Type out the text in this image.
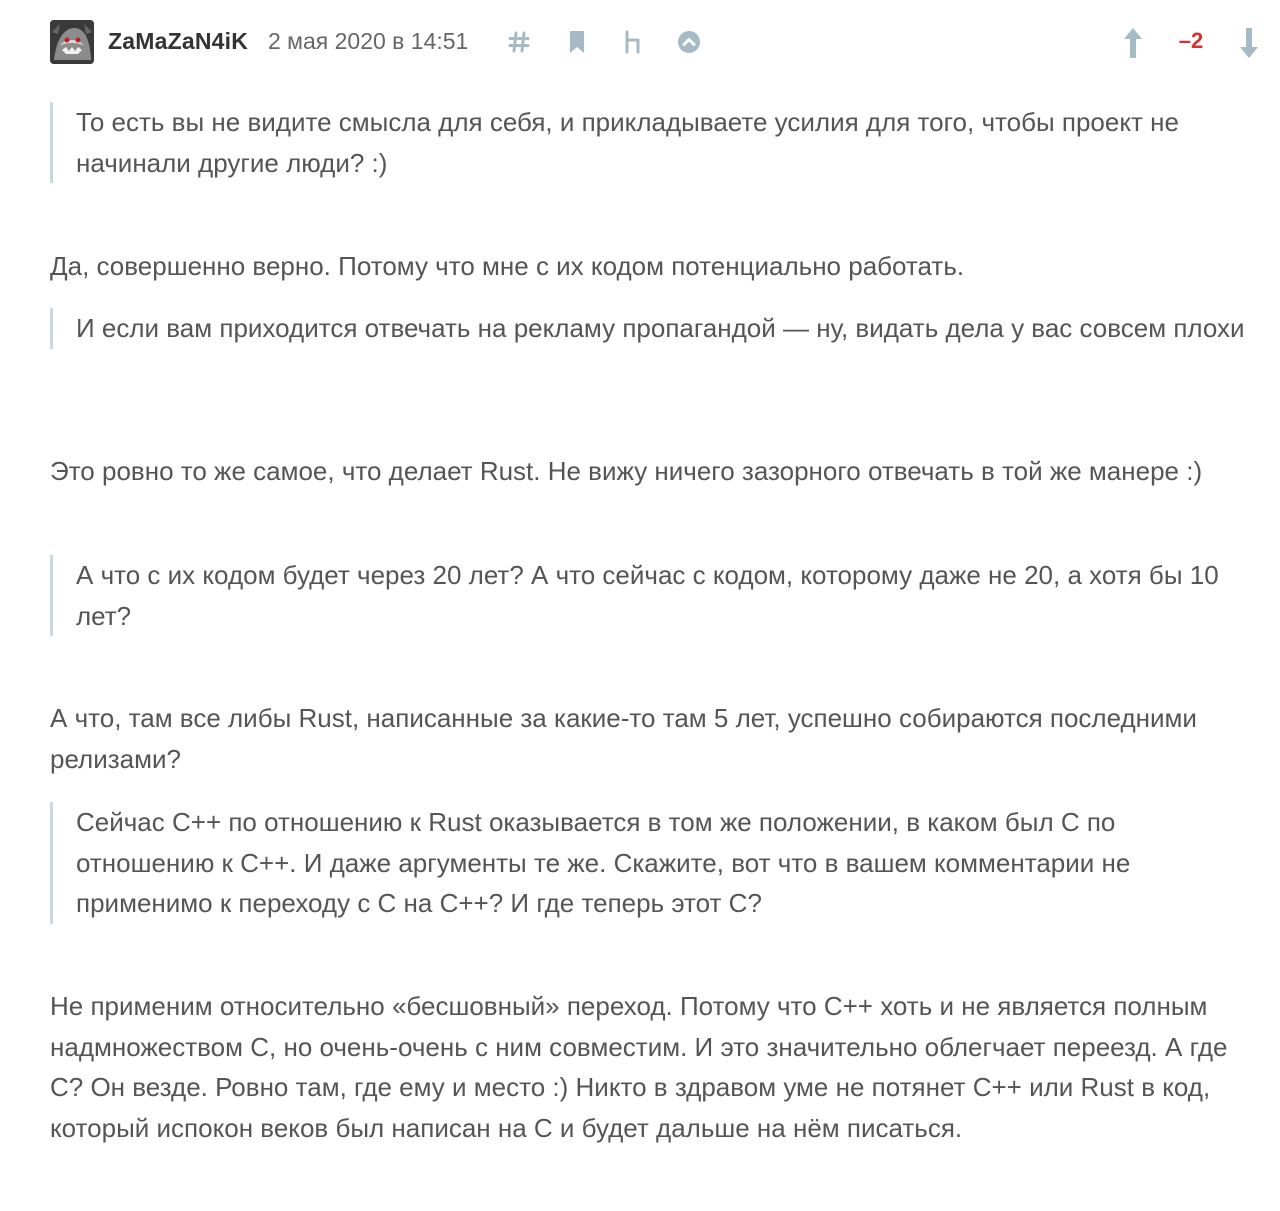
ZaMaZaN4iK 2 мая 2020 в 14:51	–2
То есть вы не видите смысла для себя, и прикладываете усилия для того, чтобы проект не начинали другие люди? :)
Да, совершенно верно. Потому что мне с их кодом потенциально работать.
И если вам приходится отвечать на рекламу пропагандой — ну, видать дела у вас совсем плохи
Это ровно то же самое, что делает Rust. Не вижу ничего зазорного отвечать в той же манере :)
А что с их кодом будет через 20 лет? А что сейчас с кодом, которому даже не 20, а хотя бы 10 лет?
А что, там все либы Rust, написанные за какие-то там 5 лет, успешно собираются последними релизами?
Сейчас С++ по отношению к Rust оказывается в том же положении, в каком был С по отношению к С++. И даже аргументы те же. Скажите, вот что в вашем комментарии не применимо к переходу с С на С++? И где теперь этот С?
Не применим относительно «бесшовный» переход. Потому что С++ хоть и не является полным надмножеством С, но очень-очень с ним совместим. И это значительно облегчает переезд. А где С? Он везде. Ровно там, где ему и место :) Никто в здравом уме не потянет С++ или Rust в код, который испокон веков был написан на С и будет дальше на нём писаться.
